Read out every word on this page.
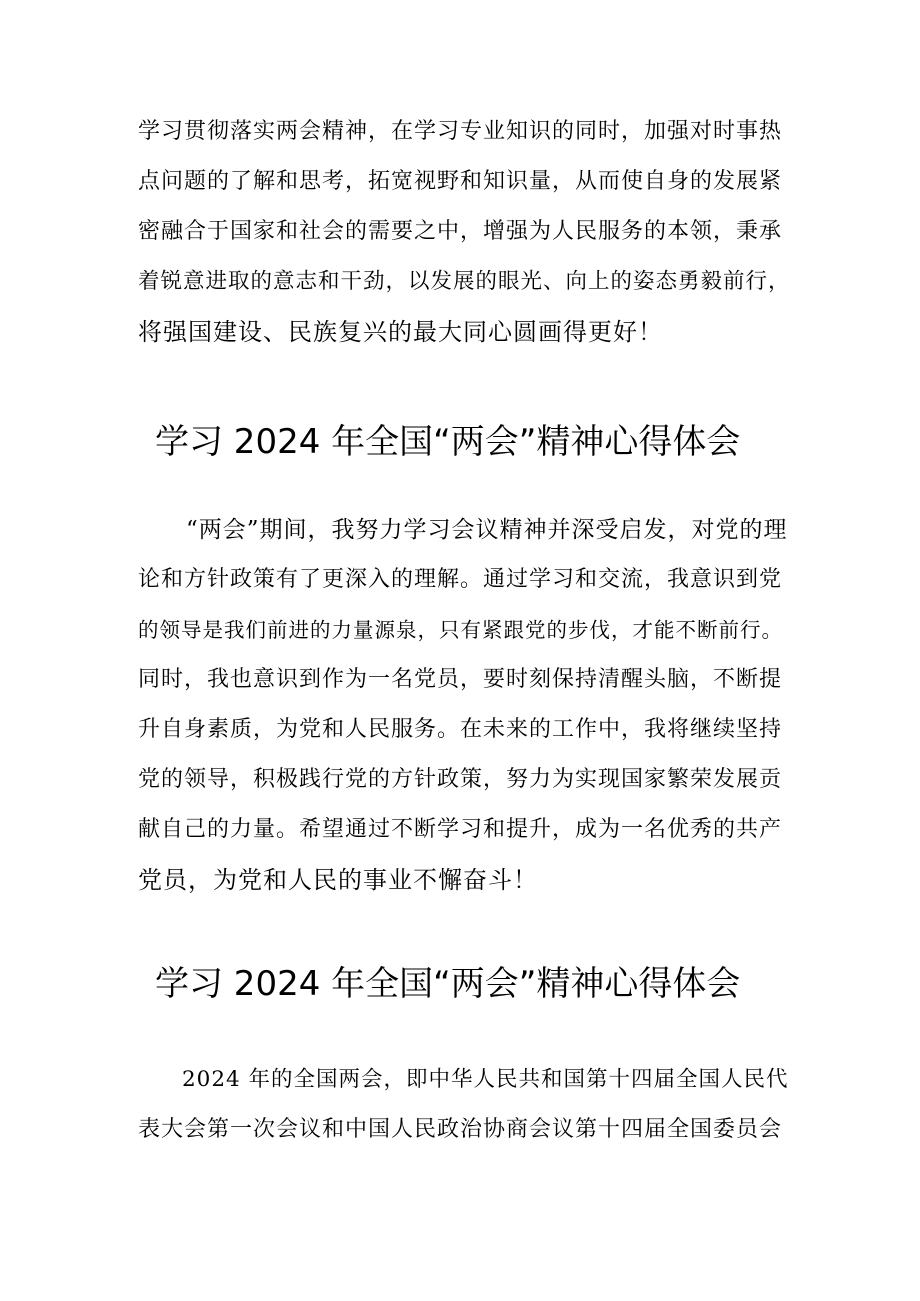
学习贯彻落实两会精神，在学习专业知识的同时，加强对时事热
点问题的了解和思考，拓宽视野和知识量，从而使自身的发展紧
密融合于国家和社会的需要之中，增强为人民服务的本领，秉承
着锐意进取的意志和干劲，以发展的眼光、向上的姿态勇毅前行，
将强国建设、民族复兴的最大同心圆画得更好！
学习 2024 年全国“两会”精神心得体会
“两会”期间，我努力学习会议精神并深受启发，对党的理
论和方针政策有了更深入的理解。通过学习和交流，我意识到党
的领导是我们前进的力量源泉，只有紧跟党的步伐，才能不断前行。
同时，我也意识到作为一名党员，要时刻保持清醒头脑，不断提
升自身素质，为党和人民服务。在未来的工作中，我将继续坚持
党的领导，积极践行党的方针政策，努力为实现国家繁荣发展贡
献自己的力量。希望通过不断学习和提升，成为一名优秀的共产
党员，为党和人民的事业不懈奋斗！
学习 2024 年全国“两会”精神心得体会
2024 年的全国两会，即中华人民共和国第十四届全国人民代
表大会第一次会议和中国人民政治协商会议第十四届全国委员会
